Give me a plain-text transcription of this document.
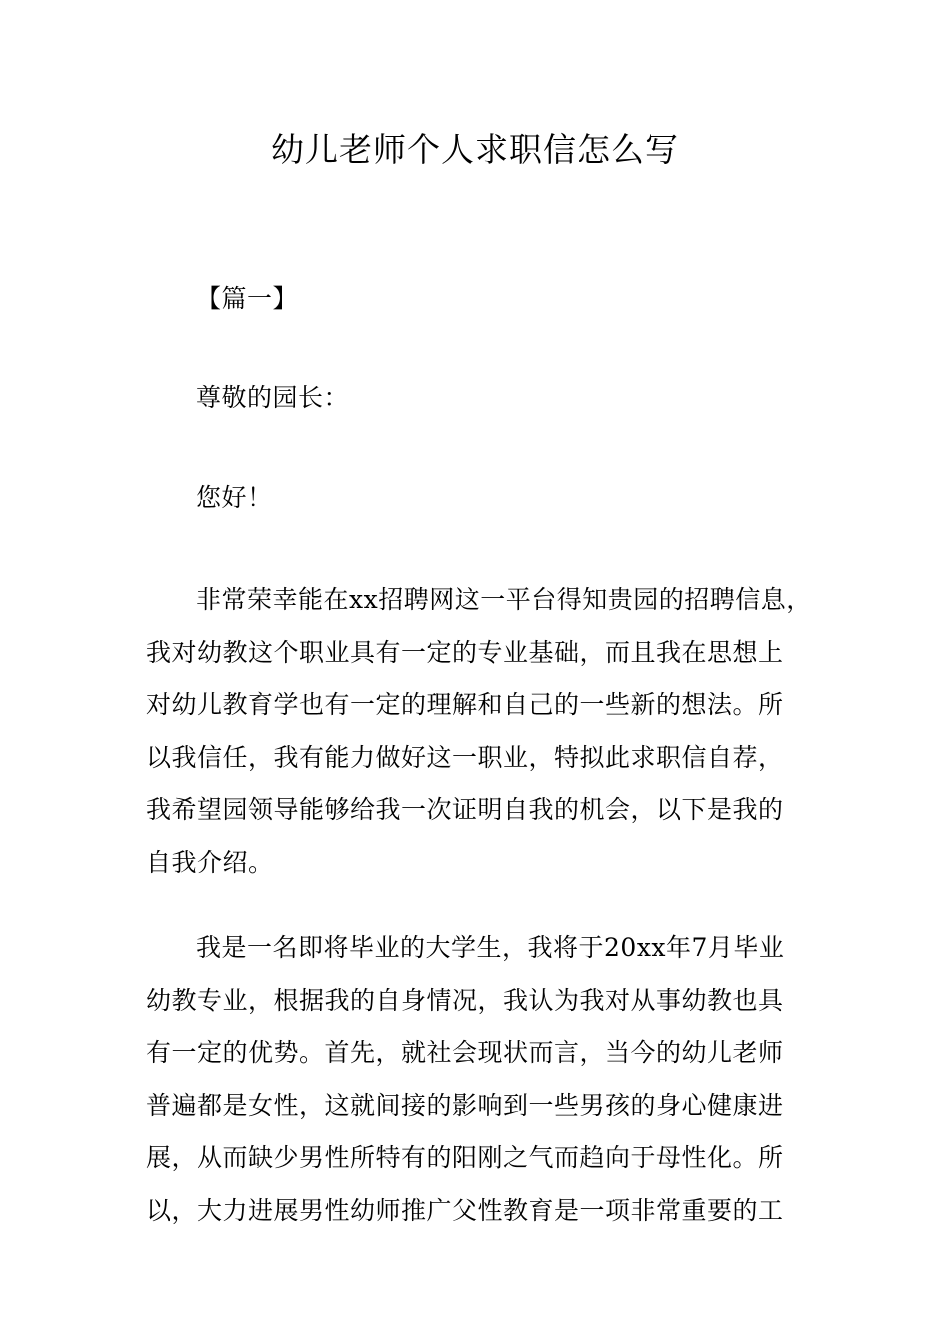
幼儿老师个人求职信怎么写
【篇一】
尊敬的园长：
您好！

非常荣幸能在xx招聘网这一平台得知贵园的招聘信息，
我对幼教这个职业具有一定的专业基础，而且我在思想上
对幼儿教育学也有一定的理解和自己的一些新的想法。所
以我信任，我有能力做好这一职业，特拟此求职信自荐，
我希望园领导能够给我一次证明自我的机会，以下是我的
自我介绍。

我是一名即将毕业的大学生，我将于20xx年7月毕业
幼教专业，根据我的自身情况，我认为我对从事幼教也具
有一定的优势。首先，就社会现状而言，当今的幼儿老师
普遍都是女性，这就间接的影响到一些男孩的身心健康进
展，从而缺少男性所特有的阳刚之气而趋向于母性化。所
以，大力进展男性幼师推广父性教育是一项非常重要的工
